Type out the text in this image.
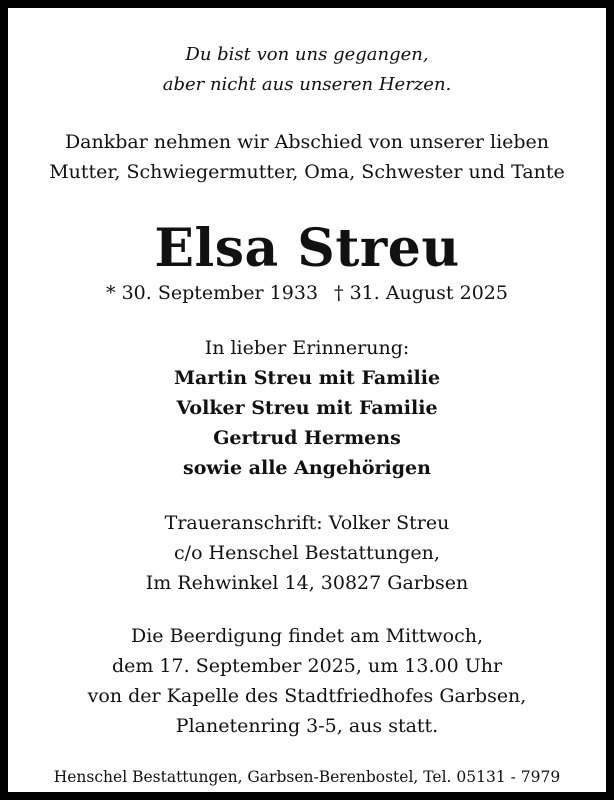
Du bist von uns gegangen,
aber nicht aus unseren Herzen.
Dankbar nehmen wir Abschied von unserer lieben
Mutter, Schwiegermutter, Oma, Schwester und Tante
Elsa Streu
* 30. September 1933 † 31. August 2025
In lieber Erinnerung:
Martin Streu mit Familie
Volker Streu mit Familie
Gertrud Hermens
sowie alle Angehörigen
Traueranschrift: Volker Streu
c/o Henschel Bestattungen,
Im Rehwinkel 14, 30827 Garbsen
Die Beerdigung findet am Mittwoch,
dem 17. September 2025, um 13.00 Uhr
von der Kapelle des Stadtfriedhofes Garbsen,
Planetenring 3-5, aus statt.
Henschel Bestattungen, Garbsen-Berenbostel, Tel. 05131 - 7979
